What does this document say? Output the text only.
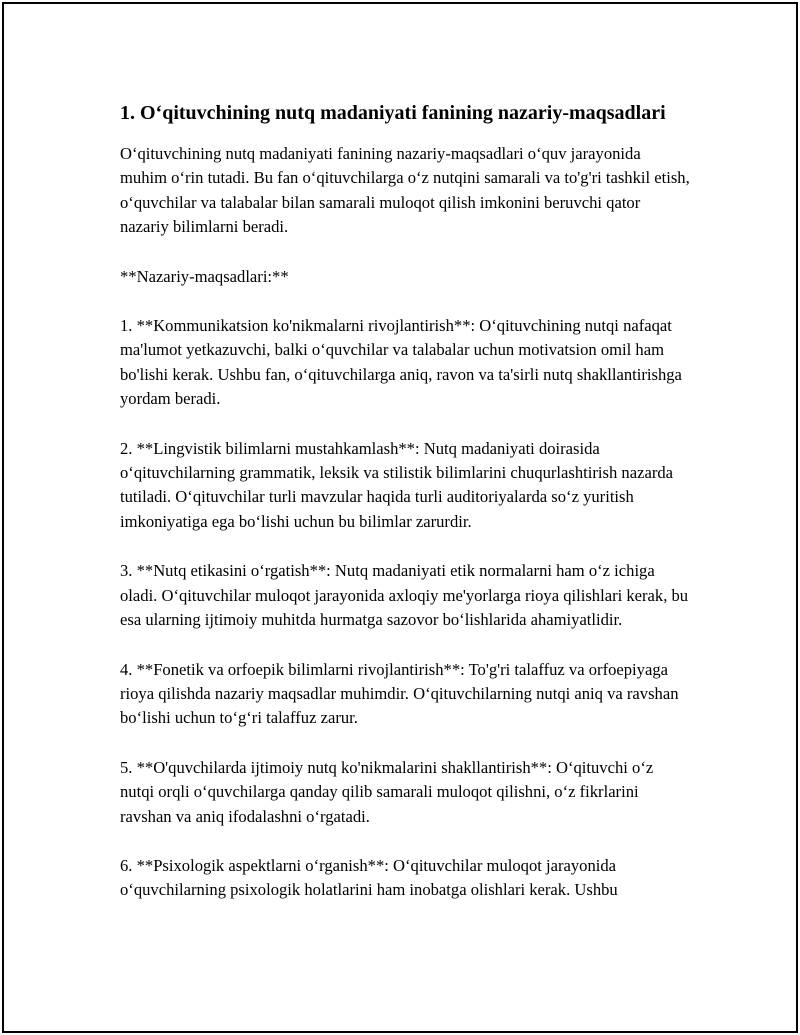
1. O‘qituvchining nutq madaniyati fanining nazariy-maqsadlari

O‘qituvchining nutq madaniyati fanining nazariy-maqsadlari o‘quv jarayonida muhim o‘rin tutadi. Bu fan o‘qituvchilarga o‘z nutqini samarali va to'g'ri tashkil etish, o‘quvchilar va talabalar bilan samarali muloqot qilish imkonini beruvchi qator nazariy bilimlarni beradi.

**Nazariy-maqsadlari:**

1. **Kommunikatsion ko'nikmalarni rivojlantirish**: O‘qituvchining nutqi nafaqat ma'lumot yetkazuvchi, balki o‘quvchilar va talabalar uchun motivatsion omil ham bo'lishi kerak. Ushbu fan, o‘qituvchilarga aniq, ravon va ta'sirli nutq shakllantirishga yordam beradi.

2. **Lingvistik bilimlarni mustahkamlash**: Nutq madaniyati doirasida o‘qituvchilarning grammatik, leksik va stilistik bilimlarini chuqurlashtirish nazarda tutiladi. O‘qituvchilar turli mavzular haqida turli auditoriyalarda so‘z yuritish imkoniyatiga ega bo‘lishi uchun bu bilimlar zarurdir.

3. **Nutq etikasini o‘rgatish**: Nutq madaniyati etik normalarni ham o‘z ichiga oladi. O‘qituvchilar muloqot jarayonida axloqiy me'yorlarga rioya qilishlari kerak, bu esa ularning ijtimoiy muhitda hurmatga sazovor bo‘lishlarida ahamiyatlidir.

4. **Fonetik va orfoepik bilimlarni rivojlantirish**: To'g'ri talaffuz va orfoepiyaga rioya qilishda nazariy maqsadlar muhimdir. O‘qituvchilarning nutqi aniq va ravshan bo‘lishi uchun to‘g‘ri talaffuz zarur.

5. **O'quvchilarda ijtimoiy nutq ko'nikmalarini shakllantirish**: O‘qituvchi o‘z nutqi orqli o‘quvchilarga qanday qilib samarali muloqot qilishni, o‘z fikrlarini ravshan va aniq ifodalashni o‘rgatadi.

6. **Psixologik aspektlarni o‘rganish**: O‘qituvchilar muloqot jarayonida o‘quvchilarning psixologik holatlarini ham inobatga olishlari kerak. Ushbu
